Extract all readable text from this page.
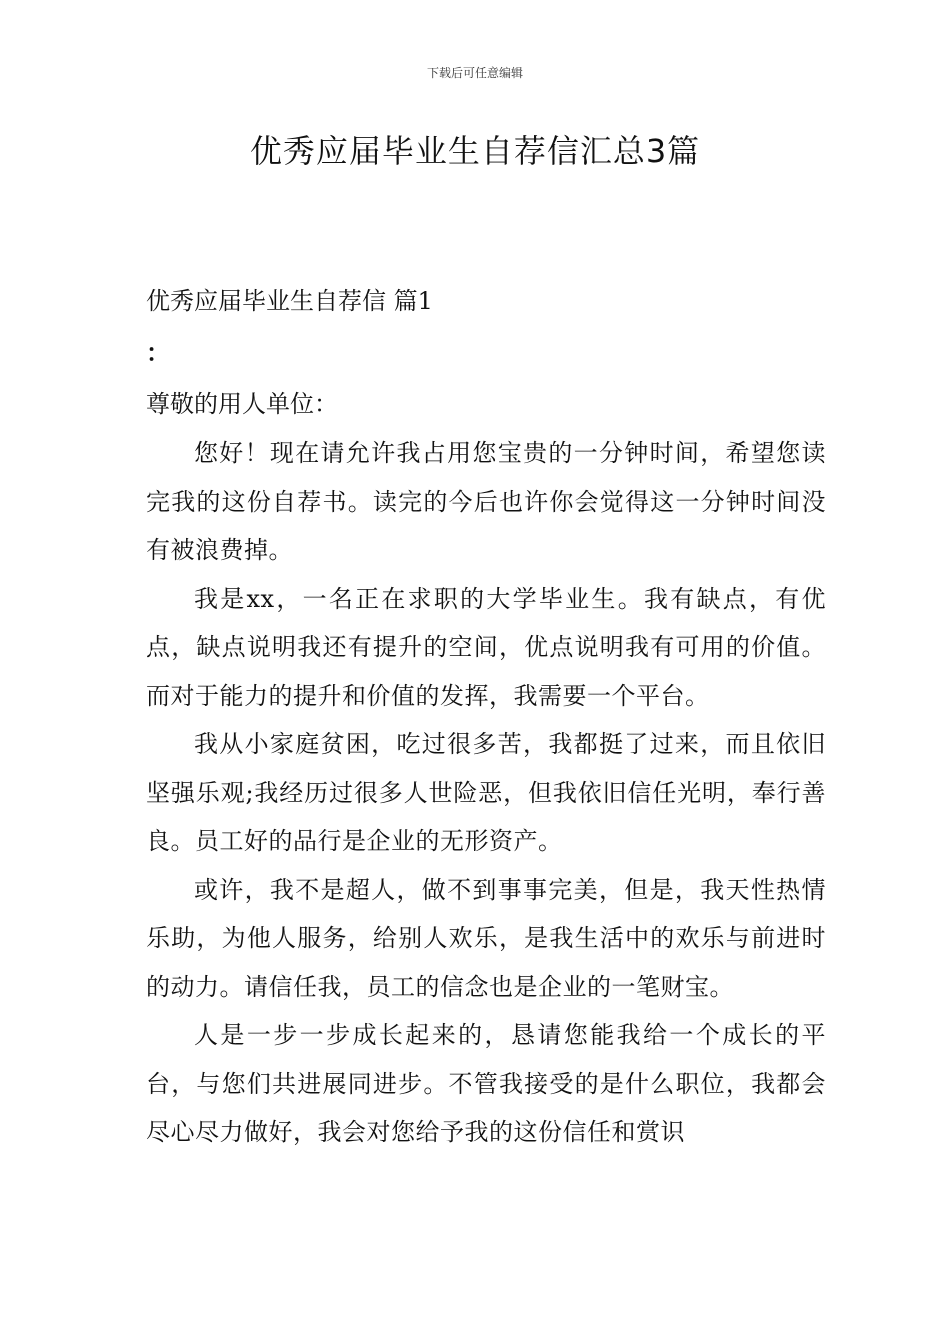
下载后可任意编辑
优秀应届毕业生自荐信汇总3篇
优秀应届毕业生自荐信 篇1
：
尊敬的用人单位：

您好！现在请允许我占用您宝贵的一分钟时间，希望您读完我的这份自荐书。读完的今后也许你会觉得这一分钟时间没有被浪费掉。

我是xx，一名正在求职的大学毕业生。我有缺点，有优点，缺点说明我还有提升的空间，优点说明我有可用的价值。而对于能力的提升和价值的发挥，我需要一个平台。

我从小家庭贫困，吃过很多苦，我都挺了过来，而且依旧坚强乐观;我经历过很多人世险恶，但我依旧信任光明，奉行善良。员工好的品行是企业的无形资产。

或许，我不是超人，做不到事事完美，但是，我天性热情乐助，为他人服务，给别人欢乐，是我生活中的欢乐与前进时的动力。请信任我，员工的信念也是企业的一笔财宝。

人是一步一步成长起来的，恳请您能我给一个成长的平台，与您们共进展同进步。不管我接受的是什么职位，我都会尽心尽力做好，我会对您给予我的这份信任和赏识
